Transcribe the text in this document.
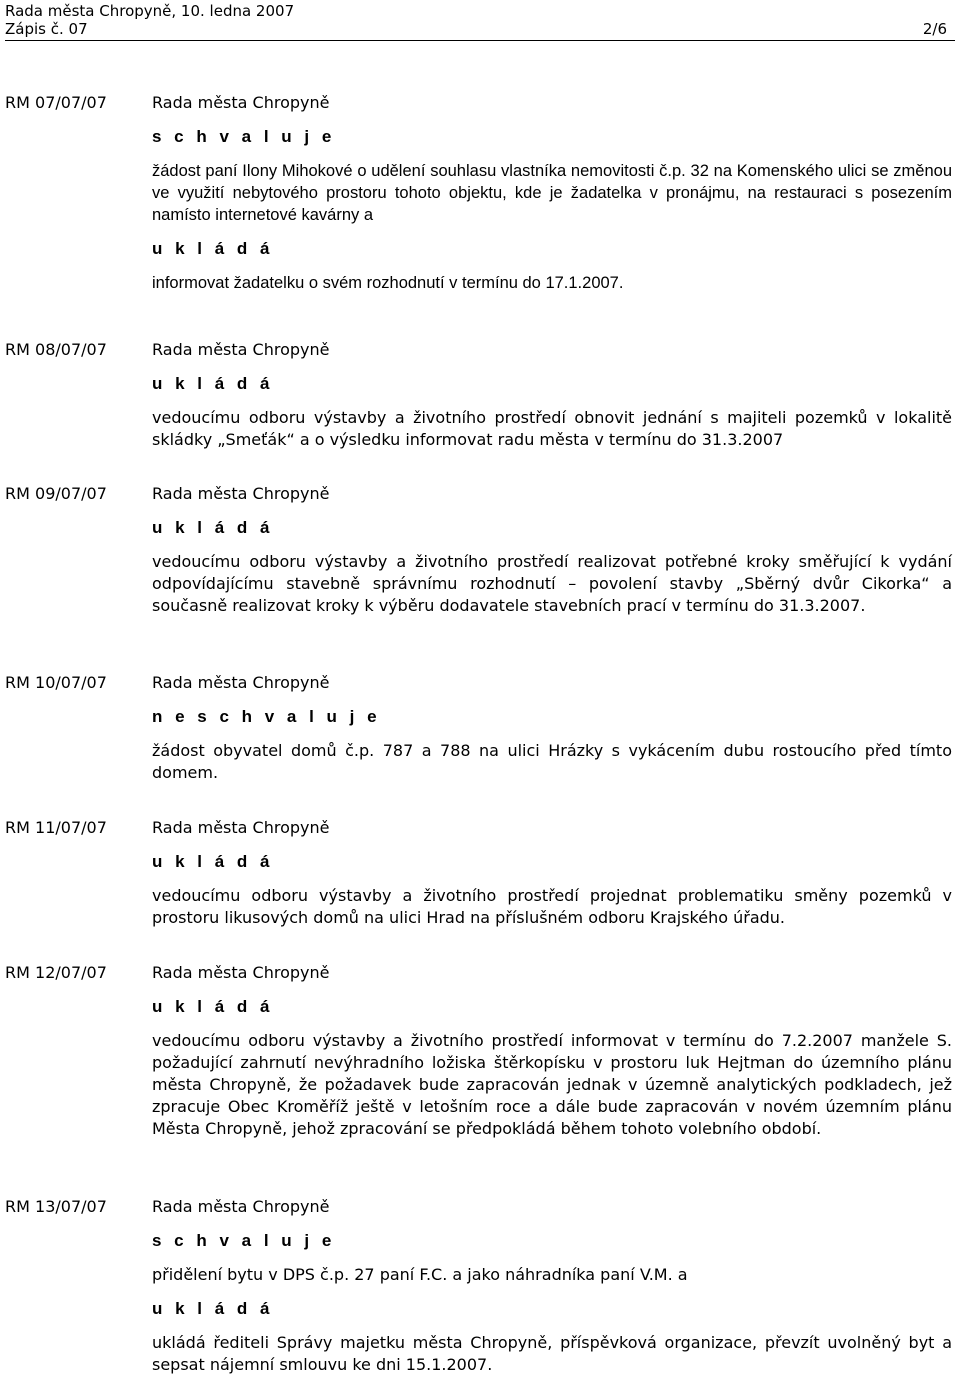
Rada města Chropyně, 10. ledna 2007
Zápis č. 07	2/6
RM 07/07/07	Rada města Chropyně
s c h v a l u j e
žádost paní Ilony Mihokové o udělení souhlasu vlastníka nemovitosti č.p. 32 na Komenského ulici se změnou ve využití nebytového prostoru tohoto objektu, kde je žadatelka v pronájmu, na restauraci s posezením namísto internetové kavárny a
u k l á d á
informovat žadatelku o svém rozhodnutí v termínu do 17.1.2007.
RM 08/07/07	Rada města Chropyně
u k l á d á
vedoucímu odboru výstavby a životního prostředí obnovit jednání s majiteli pozemků v lokalitě skládky „Smeťák“ a o výsledku informovat radu města v termínu do 31.3.2007
RM 09/07/07	Rada města Chropyně
u k l á d á
vedoucímu odboru výstavby a životního prostředí realizovat potřebné kroky směřující k vydání odpovídajícímu stavebně správnímu rozhodnutí – povolení stavby „Sběrný dvůr Cikorka“ a současně realizovat kroky k výběru dodavatele stavebních prací v termínu do 31.3.2007.
RM 10/07/07	Rada města Chropyně
n e s c h v a l u j e
žádost obyvatel domů č.p. 787 a 788 na ulici Hrázky s vykácením dubu rostoucího před tímto domem.
RM 11/07/07	Rada města Chropyně
u k l á d á
vedoucímu odboru výstavby a životního prostředí projednat problematiku směny pozemků v prostoru likusových domů na ulici Hrad na příslušném odboru Krajského úřadu.
RM 12/07/07	Rada města Chropyně
u k l á d á
vedoucímu odboru výstavby a životního prostředí informovat v termínu do 7.2.2007 manžele S. požadující zahrnutí nevýhradního ložiska štěrkopísku v prostoru luk Hejtman do územního plánu města Chropyně, že požadavek bude zapracován jednak v územně analytických podkladech, jež zpracuje Obec Kroměříž ještě v letošním roce a dále bude zapracován v novém územním plánu Města Chropyně, jehož zpracování se předpokládá během tohoto volebního období.
RM 13/07/07	Rada města Chropyně
s c h v a l u j e
přidělení bytu v DPS č.p. 27 paní F.C. a jako náhradníka paní V.M. a
u k l á d á
ukládá řediteli Správy majetku města Chropyně, příspěvková organizace, převzít uvolněný byt a sepsat nájemní smlouvu ke dni 15.1.2007.
